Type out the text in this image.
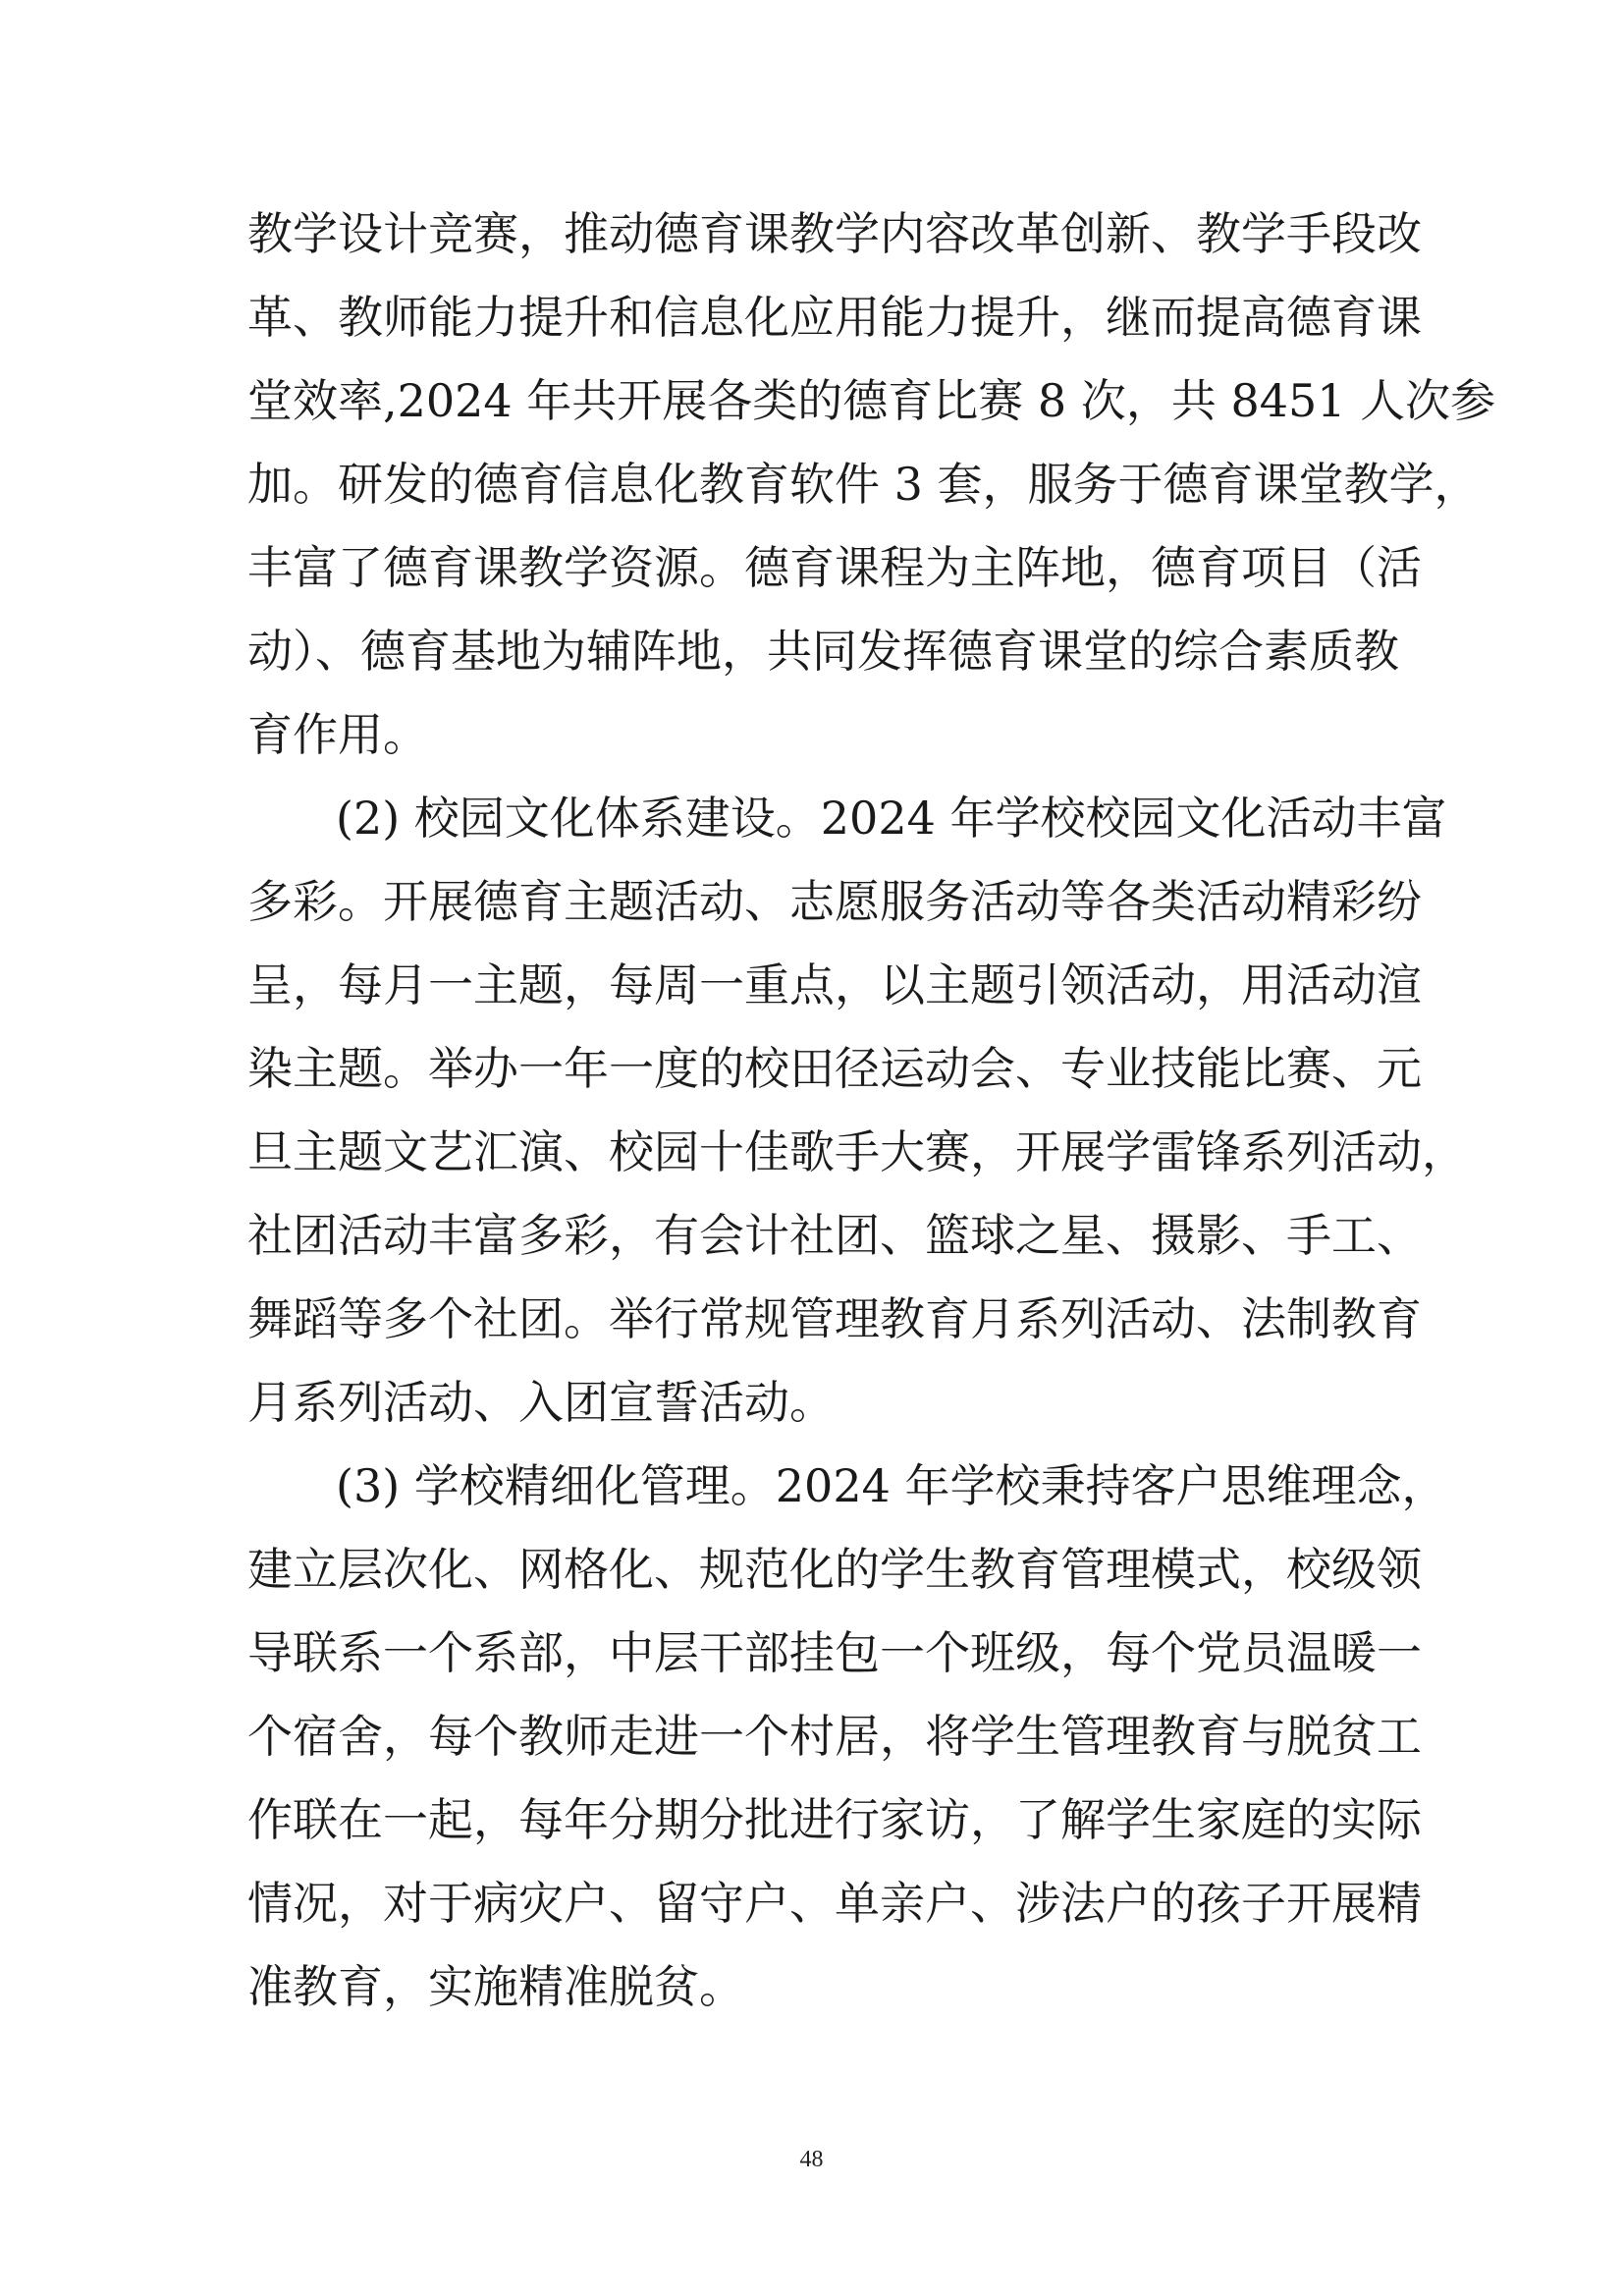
教学设计竞赛，推动德育课教学内容改革创新、教学手段改
革、教师能力提升和信息化应用能力提升，继而提高德育课
堂效率,2024 年共开展各类的德育比赛 8 次，共 8451 人次参
加。研发的德育信息化教育软件 3 套，服务于德育课堂教学，
丰富了德育课教学资源。德育课程为主阵地，德育项目（活
动）、德育基地为辅阵地，共同发挥德育课堂的综合素质教
育作用。
(2) 校园文化体系建设。2024 年学校校园文化活动丰富
多彩。开展德育主题活动、志愿服务活动等各类活动精彩纷
呈，每月一主题，每周一重点，以主题引领活动，用活动渲
染主题。举办一年一度的校田径运动会、专业技能比赛、元
旦主题文艺汇演、校园十佳歌手大赛，开展学雷锋系列活动，
社团活动丰富多彩，有会计社团、篮球之星、摄影、手工、
舞蹈等多个社团。举行常规管理教育月系列活动、法制教育
月系列活动、入团宣誓活动。
(3) 学校精细化管理。2024 年学校秉持客户思维理念，
建立层次化、网格化、规范化的学生教育管理模式，校级领
导联系一个系部，中层干部挂包一个班级，每个党员温暖一
个宿舍，每个教师走进一个村居，将学生管理教育与脱贫工
作联在一起，每年分期分批进行家访，了解学生家庭的实际
情况，对于病灾户、留守户、单亲户、涉法户的孩子开展精
准教育，实施精准脱贫。
48
